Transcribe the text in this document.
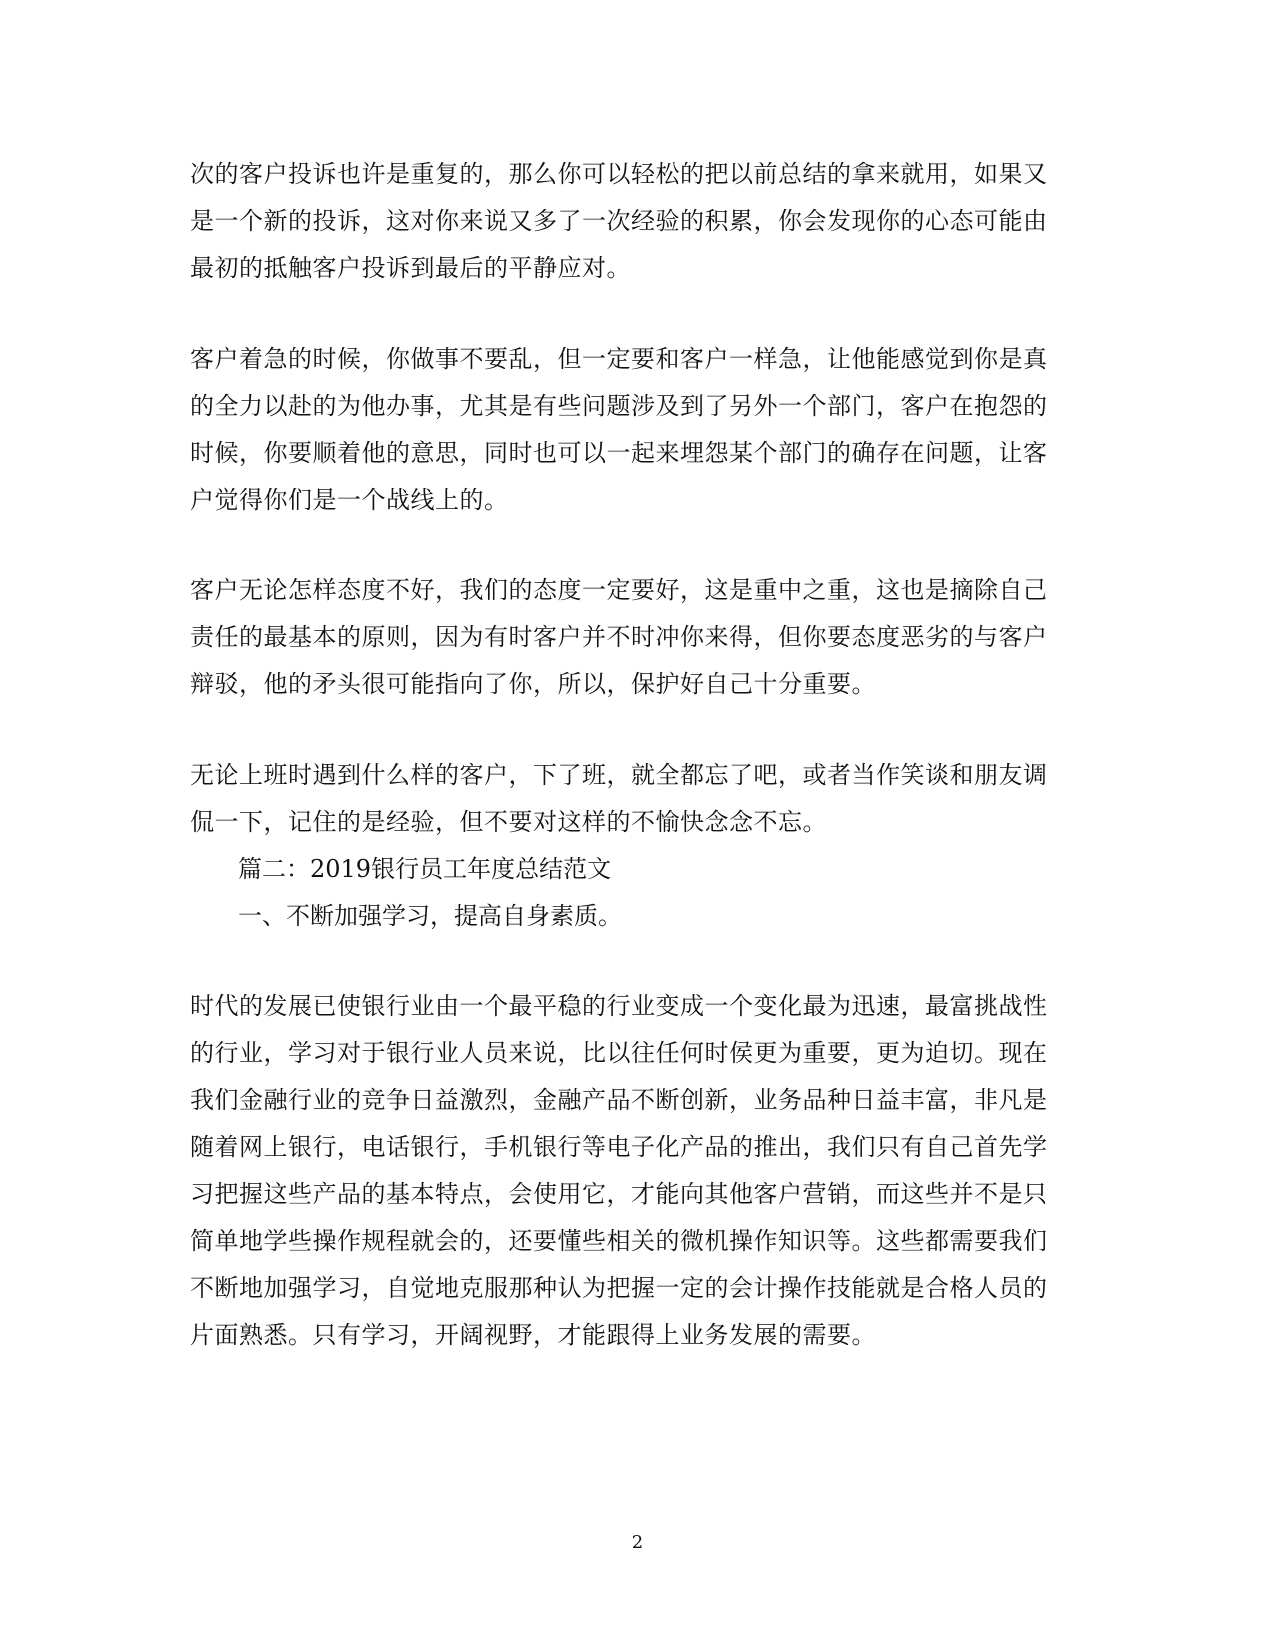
次的客户投诉也许是重复的，那么你可以轻松的把以前总结的拿来就用，如果又
是一个新的投诉，这对你来说又多了一次经验的积累，你会发现你的心态可能由
最初的抵触客户投诉到最后的平静应对。
客户着急的时候，你做事不要乱，但一定要和客户一样急，让他能感觉到你是真
的全力以赴的为他办事，尤其是有些问题涉及到了另外一个部门，客户在抱怨的
时候，你要顺着他的意思，同时也可以一起来埋怨某个部门的确存在问题，让客
户觉得你们是一个战线上的。
客户无论怎样态度不好，我们的态度一定要好，这是重中之重，这也是摘除自己
责任的最基本的原则，因为有时客户并不时冲你来得，但你要态度恶劣的与客户
辩驳，他的矛头很可能指向了你，所以，保护好自己十分重要。
无论上班时遇到什么样的客户，下了班，就全都忘了吧，或者当作笑谈和朋友调
侃一下，记住的是经验，但不要对这样的不愉快念念不忘。
篇二：2019银行员工年度总结范文
一、不断加强学习，提高自身素质。
时代的发展已使银行业由一个最平稳的行业变成一个变化最为迅速，最富挑战性
的行业，学习对于银行业人员来说，比以往任何时侯更为重要，更为迫切。现在
我们金融行业的竞争日益激烈，金融产品不断创新，业务品种日益丰富，非凡是
随着网上银行，电话银行，手机银行等电子化产品的推出，我们只有自己首先学
习把握这些产品的基本特点，会使用它，才能向其他客户营销，而这些并不是只
简单地学些操作规程就会的，还要懂些相关的微机操作知识等。这些都需要我们
不断地加强学习，自觉地克服那种认为把握一定的会计操作技能就是合格人员的
片面熟悉。只有学习，开阔视野，才能跟得上业务发展的需要。
2
